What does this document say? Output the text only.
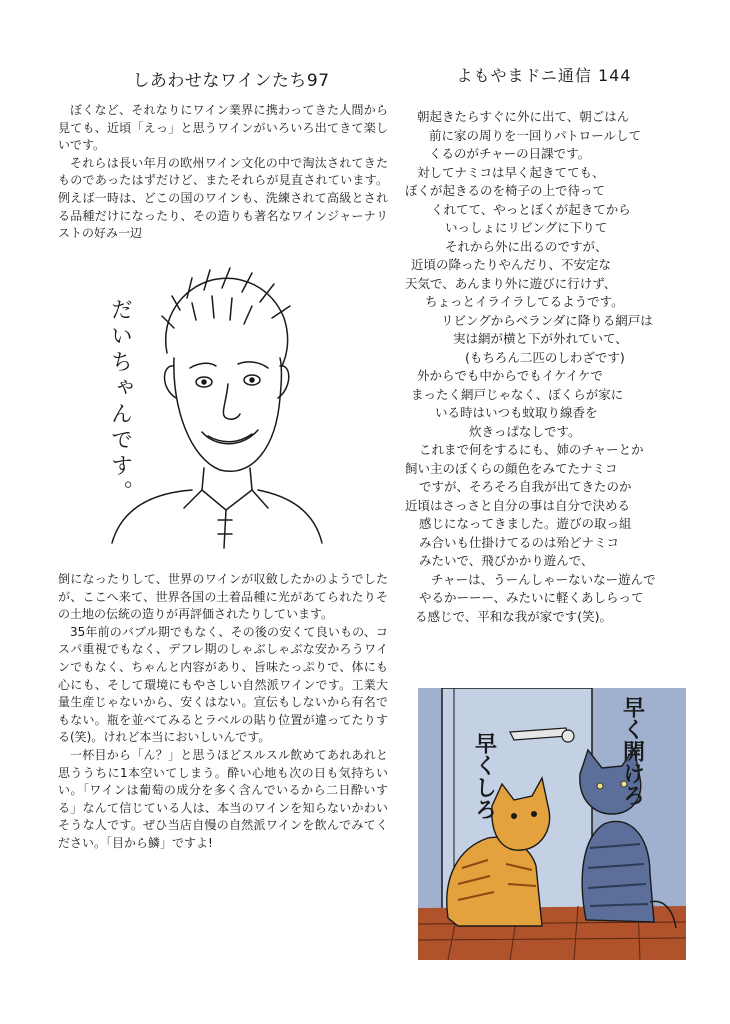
しあわせなワインたち97

ぼくなど、それなりにワイン業界に携わってきた人間から見ても、近頃「えっ」と思うワインがいろいろ出てきて楽しいです。

それらは長い年月の欧州ワイン文化の中で淘汰されてきたものであったはずだけど、またそれらが見直されています。例えば一時は、どこの国のワインも、洗練されて高級とされる品種だけになったり、その造りも著名なワインジャーナリストの好み一辺

だいちゃんです。

倒になったりして、世界のワインが収斂したかのようでしたが、ここへ来て、世界各国の土着品種に光があてられたりその土地の伝統の造りが再評価されたりしています。

35年前のバブル期でもなく、その後の安くて良いもの、コスパ重視でもなく、デフレ期のしゃぶしゃぶな安かろうワインでもなく、ちゃんと内容があり、旨味たっぷりで、体にも心にも、そして環境にもやさしい自然派ワインです。工業大量生産じゃないから、安くはない。宣伝もしないから有名でもない。瓶を並べてみるとラベルの貼り位置が違ってたりする(笑)。けれど本当においしいんです。

一杯目から「ん？」と思うほどスルスル飲めてあれあれと思ううちに1本空いてしまう。酔い心地も次の日も気持ちいい。「ワインは葡萄の成分を多く含んでいるから二日酔いする」なんて信じている人は、本当のワインを知らないかわいそうな人です。ぜひ当店自慢の自然派ワインを飲んでみてください。「目から鱗」ですよ!

よもやまドニ通信 144
朝起きたらすぐに外に出て、朝ごはん
前に家の周りを一回りパトロールして
くるのがチャーの日課です。
対してナミコは早く起きてても、
ぼくが起きるのを椅子の上で待って
くれてて、やっとぼくが起きてから
いっしょにリビングに下りて
それから外に出るのですが、
近頃の降ったりやんだり、不安定な
天気で、あんまり外に遊びに行けず、
ちょっとイライラしてるようです。
リビングからベランダに降りる網戸は
実は網が横と下が外れていて、
(もちろん二匹のしわざです)
外からでも中からでもイケイケで
まったく網戸じゃなく、ぼくらが家に
いる時はいつも蚊取り線香を
炊きっぱなしです。
これまで何をするにも、姉のチャーとか
飼い主のぼくらの顔色をみてたナミコ
ですが、そろそろ自我が出てきたのか
近頃はさっさと自分の事は自分で決める
感じになってきました。遊びの取っ組
み合いも仕掛けてるのは殆どナミコ
みたいで、飛びかかり遊んで、
チャーは、うーんしゃーないなー遊んで
やるかーーー、みたいに軽くあしらって
る感じで、平和な我が家です(笑)。
早くしろ	早く開けろ
